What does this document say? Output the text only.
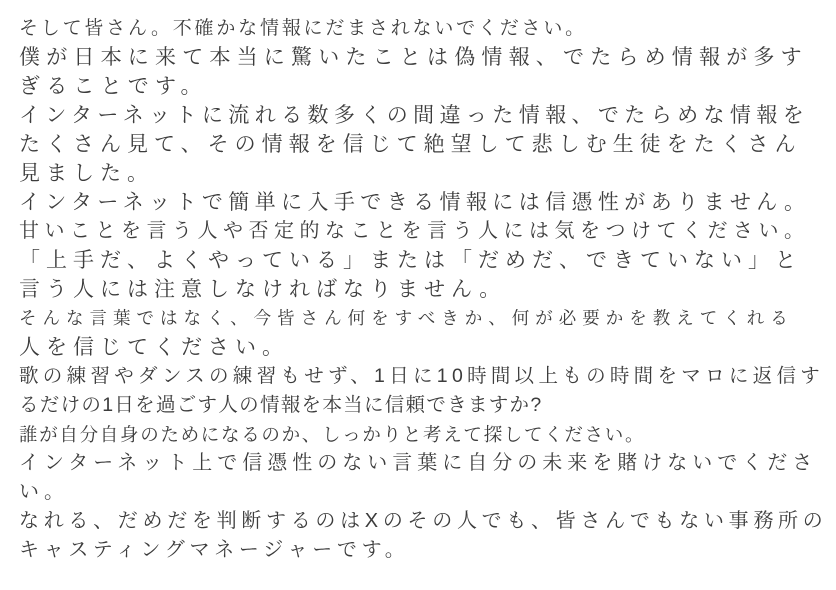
そして皆さん。不確かな情報にだまされないでください。
僕が日本に来て本当に驚いたことは偽情報、でたらめ情報が多す
ぎることです。
インターネットに流れる数多くの間違った情報、でたらめな情報を
たくさん見て、その情報を信じて絶望して悲しむ生徒をたくさん
見ました。
インターネットで簡単に入手できる情報には信憑性がありません。
甘いことを言う人や否定的なことを言う人には気をつけてください。
「上手だ、よくやっている」または「だめだ、できていない」と
言う人には注意しなければなりません。
そんな言葉ではなく、今皆さん何をすべきか、何が必要かを教えてくれる
人を信じてください。
歌の練習やダンスの練習もせず、1日に10時間以上もの時間をマロに返信す
るだけの1日を過ごす人の情報を本当に信頼できますか?
誰が自分自身のためになるのか、しっかりと考えて探してください。
インターネット上で信憑性のない言葉に自分の未来を賭けないでくださ
い。
なれる、だめだを判断するのはXのその人でも、皆さんでもない事務所の
キャスティングマネージャーです。
